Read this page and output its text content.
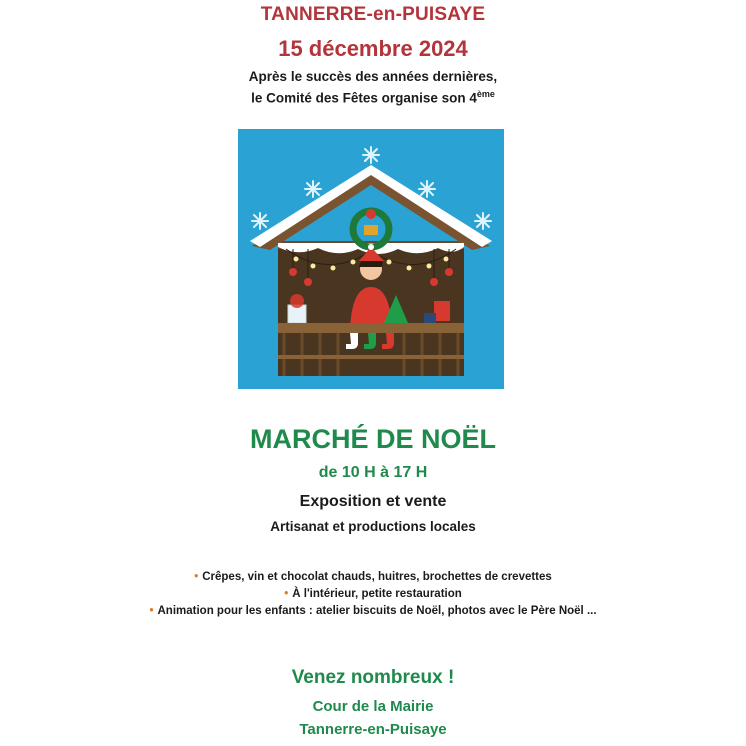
TANNERRE-en-PUISAYE
15 décembre 2024
Après le succès des années dernières,
le Comité des Fêtes organise son 4ème
MARCHÉ DE NOËL
de 10 H à 17 H
Exposition et vente
Artisanat et productions locales
• Crêpes, vin et chocolat chauds, huitres, brochettes de crevettes
• À l'intérieur, petite restauration
• Animation pour les enfants : atelier biscuits de Noël, photos avec le Père Noël ...
Venez nombreux !
Cour de la Mairie
Tannerre-en-Puisaye
